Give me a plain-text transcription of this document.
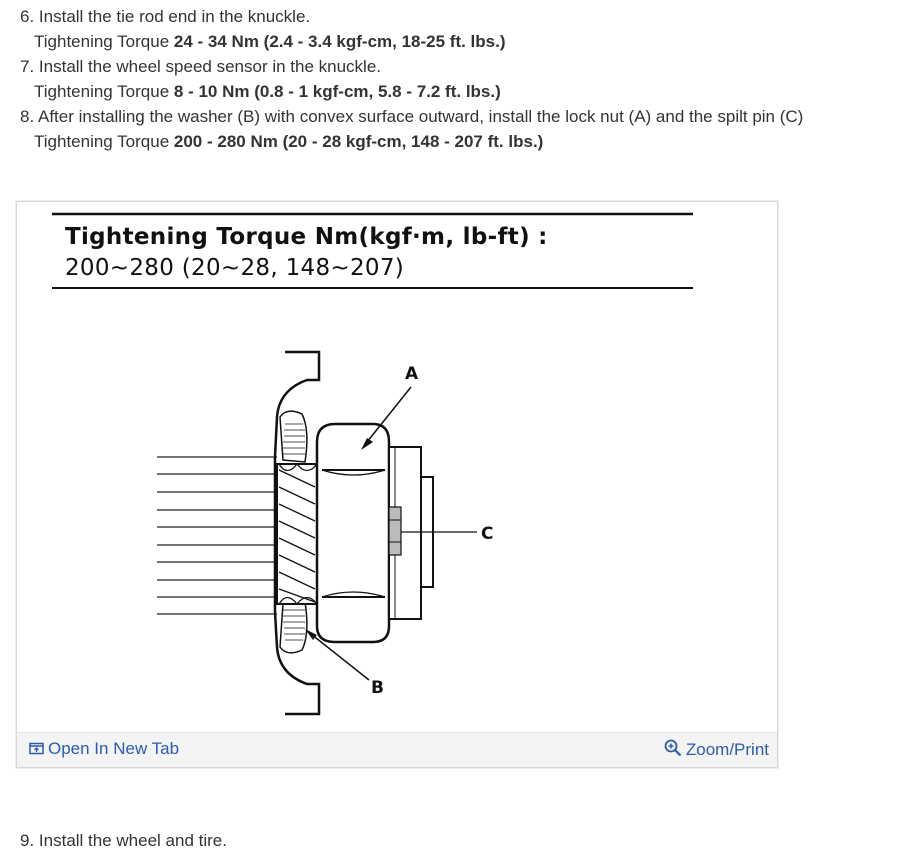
6. Install the tie rod end in the knuckle.
Tightening Torque 24 - 34 Nm (2.4 - 3.4 kgf-cm, 18-25 ft. lbs.)
7. Install the wheel speed sensor in the knuckle.
Tightening Torque 8 - 10 Nm (0.8 - 1 kgf-cm, 5.8 - 7.2 ft. lbs.)
8. After installing the washer (B) with convex surface outward, install the lock nut (A) and the spilt pin (C)
Tightening Torque 200 - 280 Nm (20 - 28 kgf-cm, 148 - 207 ft. lbs.)
Tightening Torque Nm(kgf·m, lb-ft) :
200~280 (20~28, 148~207)
A
C
B
Open In New Tab	Zoom/Print
9. Install the wheel and tire.
